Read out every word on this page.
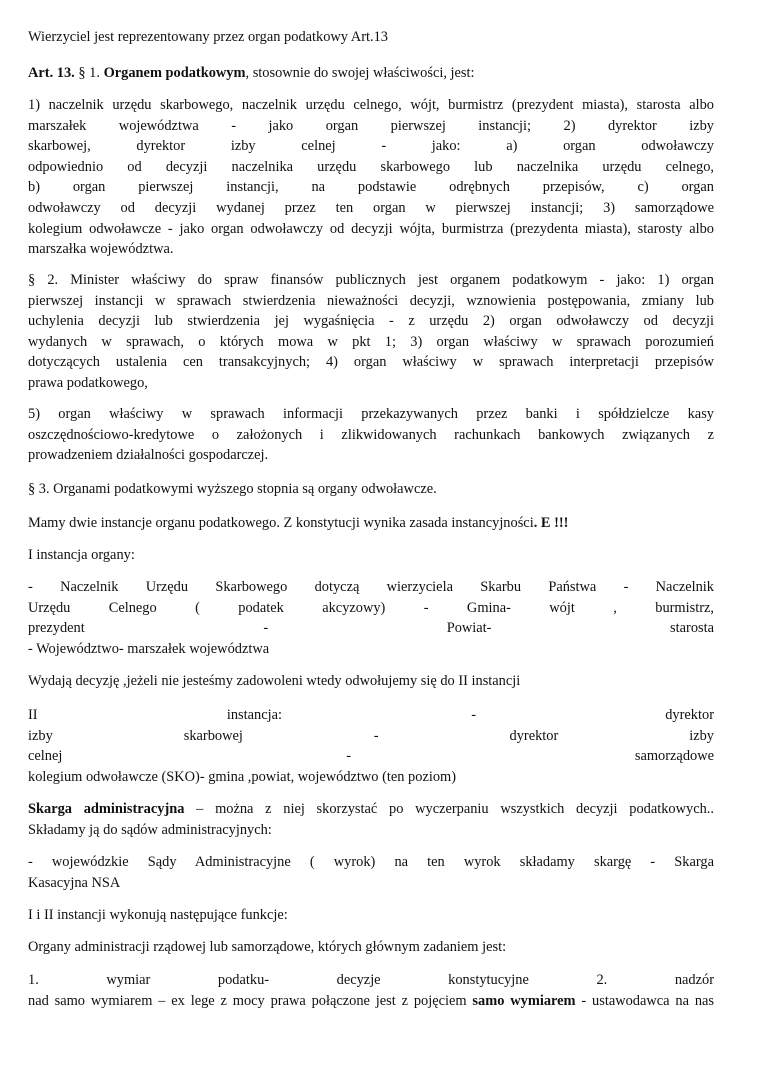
Wierzyciel jest reprezentowany przez organ podatkowy Art.13

Art. 13. § 1. Organem podatkowym, stosownie do swojej właściwości, jest:

1) naczelnik urzędu skarbowego, naczelnik urzędu celnego, wójt, burmistrz (prezydent miasta), starosta albo
marszałek województwa - jako organ pierwszej instancji; 2) dyrektor izby
skarbowej, dyrektor izby celnej - jako: a) organ odwoławczy
odpowiednio od decyzji naczelnika urzędu skarbowego lub naczelnika urzędu celnego,
b) organ pierwszej instancji, na podstawie odrębnych przepisów, c) organ
odwoławczy od decyzji wydanej przez ten organ w pierwszej instancji; 3) samorządowe
kolegium odwoławcze - jako organ odwoławczy od decyzji wójta, burmistrza (prezydenta miasta), starosty albo
marszałka województwa.

§ 2. Minister właściwy do spraw finansów publicznych jest organem podatkowym - jako: 1) organ
pierwszej instancji w sprawach stwierdzenia nieważności decyzji, wznowienia postępowania, zmiany lub
uchylenia decyzji lub stwierdzenia jej wygaśnięcia - z urzędu 2) organ odwoławczy od decyzji
wydanych w sprawach, o których mowa w pkt 1; 3) organ właściwy w sprawach porozumień
dotyczących ustalenia cen transakcyjnych; 4) organ właściwy w sprawach interpretacji przepisów
prawa podatkowego,

5) organ właściwy w sprawach informacji przekazywanych przez banki i spółdzielcze kasy
oszczędnościowo-kredytowe o założonych i zlikwidowanych rachunkach bankowych związanych z
prowadzeniem działalności gospodarczej.

§ 3. Organami podatkowymi wyższego stopnia są organy odwoławcze.

Mamy dwie instancje organu podatkowego. Z konstytucji wynika zasada instancyjności. E !!!

I instancja organy:

- Naczelnik Urzędu Skarbowego dotyczą wierzyciela Skarbu Państwa - Naczelnik
Urzędu Celnego ( podatek akcyzowy) - Gmina- wójt , burmistrz,
prezydent - Powiat- starosta
- Województwo- marszałek województwa

Wydają decyzję ,jeżeli nie jesteśmy zadowoleni wtedy odwołujemy się do II instancji

II instancja: - dyrektor
izby skarbowej - dyrektor izby
celnej - samorządowe
kolegium odwoławcze (SKO)- gmina ,powiat, województwo (ten poziom)

Skarga administracyjna – można z niej skorzystać po wyczerpaniu wszystkich decyzji podatkowych..
Składamy ją do sądów administracyjnych:

- wojewódzkie Sądy Administracyjne ( wyrok) na ten wyrok składamy skargę - Skarga
Kasacyjna NSA

I i II instancji wykonują następujące funkcje:

Organy administracji rządowej lub samorządowe, których głównym zadaniem jest:

1. wymiar podatku- decyzje konstytucyjne 2. nadzór
nad samo wymiarem – ex lege z mocy prawa połączone jest z pojęciem samo wymiarem - ustawodawca na nas
